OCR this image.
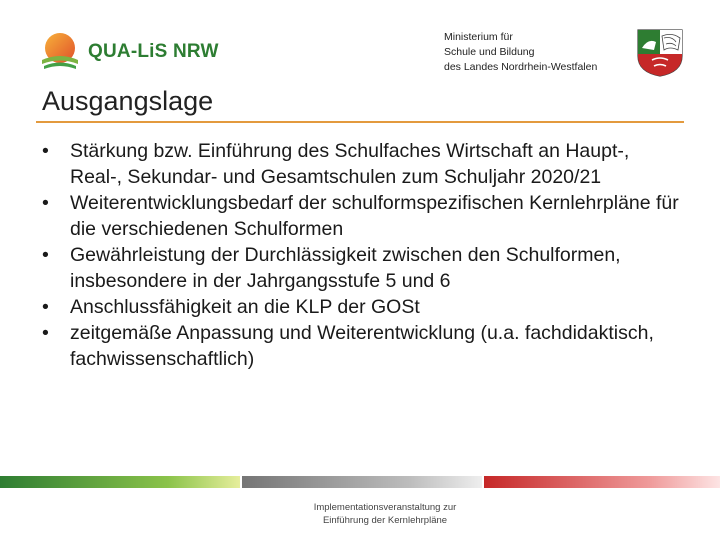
QUA-LiS NRW
Ministerium für
Schule und Bildung
des Landes Nordrhein-Westfalen
Ausgangslage
• Stärkung bzw. Einführung des Schulfaches Wirtschaft an Haupt-, Real-, Sekundar- und Gesamtschulen zum Schuljahr 2020/21
• Weiterentwicklungsbedarf der schulformspezifischen Kernlehrpläne für die verschiedenen Schulformen
• Gewährleistung der Durchlässigkeit zwischen den Schulformen, insbesondere in der Jahrgangsstufe 5 und 6
• Anschlussfähigkeit an die KLP der GOSt
• zeitgemäße Anpassung und Weiterentwicklung (u.a. fachdidaktisch, fachwissenschaftlich)
Implementationsveranstaltung zur
Einführung der Kernlehrpläne
